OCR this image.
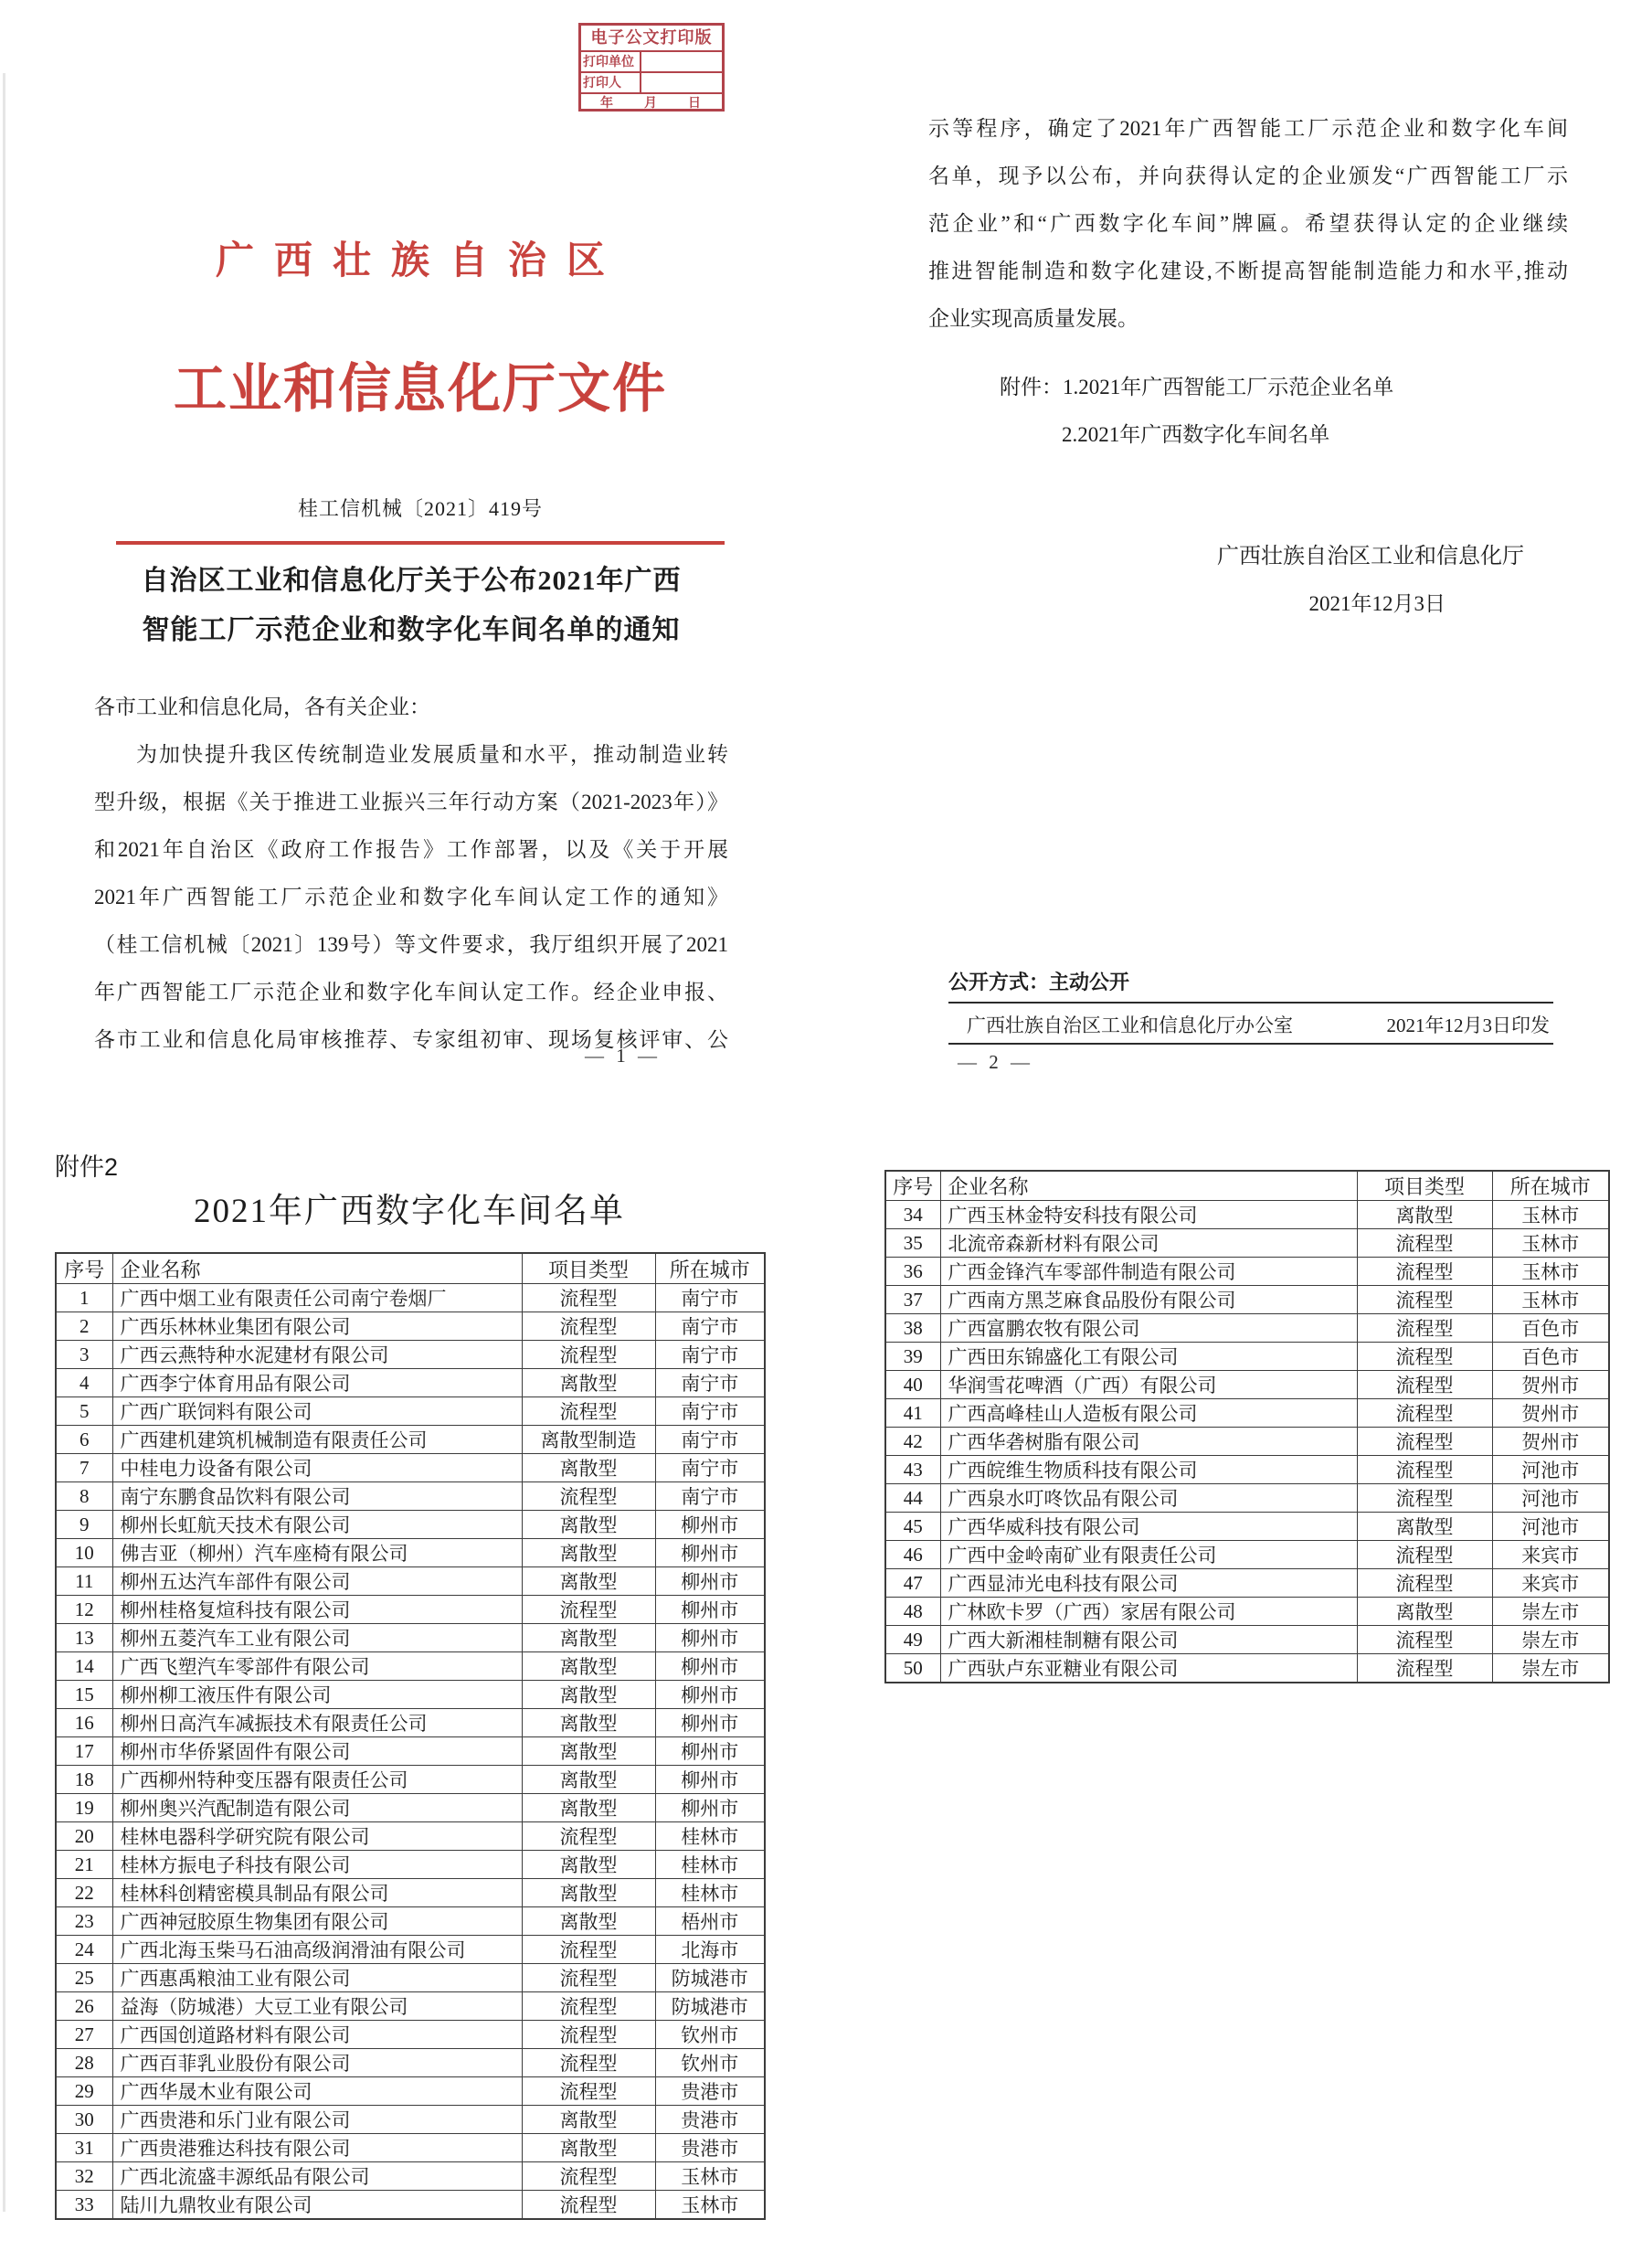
电子公文打印版
打印单位
打印人
年　　月　　日
广西壮族自治区
工业和信息化厅文件
桂工信机械〔2021〕419号
自治区工业和信息化厅关于公布2021年广西
智能工厂示范企业和数字化车间名单的通知
各市工业和信息化局，各有关企业：
为加快提升我区传统制造业发展质量和水平，推动制造业转
型升级，根据《关于推进工业振兴三年行动方案（2021-2023年）》
和2021年自治区《政府工作报告》工作部署，以及《关于开展
2021年广西智能工厂示范企业和数字化车间认定工作的通知》
（桂工信机械〔2021〕139号）等文件要求，我厅组织开展了2021
年广西智能工厂示范企业和数字化车间认定工作。经企业申报、
各市工业和信息化局审核推荐、专家组初审、现场复核评审、公
— 1 —
示等程序，确定了2021年广西智能工厂示范企业和数字化车间
名单，现予以公布，并向获得认定的企业颁发“广西智能工厂示
范企业”和“广西数字化车间”牌匾。希望获得认定的企业继续
推进智能制造和数字化建设,不断提高智能制造能力和水平,推动
企业实现高质量发展。
附件：1.2021年广西智能工厂示范企业名单
2.2021年广西数字化车间名单
广西壮族自治区工业和信息化厅
2021年12月3日
公开方式：主动公开
广西壮族自治区工业和信息化厅办公室	2021年12月3日印发
— 2 —
附件2
2021年广西数字化车间名单
序号	企业名称	项目类型	所在城市
1	广西中烟工业有限责任公司南宁卷烟厂	流程型	南宁市
2	广西乐林林业集团有限公司	流程型	南宁市
3	广西云燕特种水泥建材有限公司	流程型	南宁市
4	广西李宁体育用品有限公司	离散型	南宁市
5	广西广联饲料有限公司	流程型	南宁市
6	广西建机建筑机械制造有限责任公司	离散型制造	南宁市
7	中桂电力设备有限公司	离散型	南宁市
8	南宁东鹏食品饮料有限公司	流程型	南宁市
9	柳州长虹航天技术有限公司	离散型	柳州市
10	佛吉亚（柳州）汽车座椅有限公司	离散型	柳州市
11	柳州五达汽车部件有限公司	离散型	柳州市
12	柳州桂格复煊科技有限公司	流程型	柳州市
13	柳州五菱汽车工业有限公司	离散型	柳州市
14	广西飞塑汽车零部件有限公司	离散型	柳州市
15	柳州柳工液压件有限公司	离散型	柳州市
16	柳州日高汽车减振技术有限责任公司	离散型	柳州市
17	柳州市华侨紧固件有限公司	离散型	柳州市
18	广西柳州特种变压器有限责任公司	离散型	柳州市
19	柳州奥兴汽配制造有限公司	离散型	柳州市
20	桂林电器科学研究院有限公司	流程型	桂林市
21	桂林方振电子科技有限公司	离散型	桂林市
22	桂林科创精密模具制品有限公司	离散型	桂林市
23	广西神冠胶原生物集团有限公司	离散型	梧州市
24	广西北海玉柴马石油高级润滑油有限公司	流程型	北海市
25	广西惠禹粮油工业有限公司	流程型	防城港市
26	益海（防城港）大豆工业有限公司	流程型	防城港市
27	广西国创道路材料有限公司	流程型	钦州市
28	广西百菲乳业股份有限公司	流程型	钦州市
29	广西华晟木业有限公司	流程型	贵港市
30	广西贵港和乐门业有限公司	离散型	贵港市
31	广西贵港雅达科技有限公司	离散型	贵港市
32	广西北流盛丰源纸品有限公司	流程型	玉林市
33	陆川九鼎牧业有限公司	流程型	玉林市
序号	企业名称	项目类型	所在城市
34	广西玉林金特安科技有限公司	离散型	玉林市
35	北流帝森新材料有限公司	流程型	玉林市
36	广西金锋汽车零部件制造有限公司	流程型	玉林市
37	广西南方黑芝麻食品股份有限公司	流程型	玉林市
38	广西富鹏农牧有限公司	流程型	百色市
39	广西田东锦盛化工有限公司	流程型	百色市
40	华润雪花啤酒（广西）有限公司	流程型	贺州市
41	广西高峰桂山人造板有限公司	流程型	贺州市
42	广西华砻树脂有限公司	流程型	贺州市
43	广西皖维生物质科技有限公司	流程型	河池市
44	广西泉水叮咚饮品有限公司	流程型	河池市
45	广西华威科技有限公司	离散型	河池市
46	广西中金岭南矿业有限责任公司	流程型	来宾市
47	广西显沛光电科技有限公司	流程型	来宾市
48	广林欧卡罗（广西）家居有限公司	离散型	崇左市
49	广西大新湘桂制糖有限公司	流程型	崇左市
50	广西驮卢东亚糖业有限公司	流程型	崇左市
